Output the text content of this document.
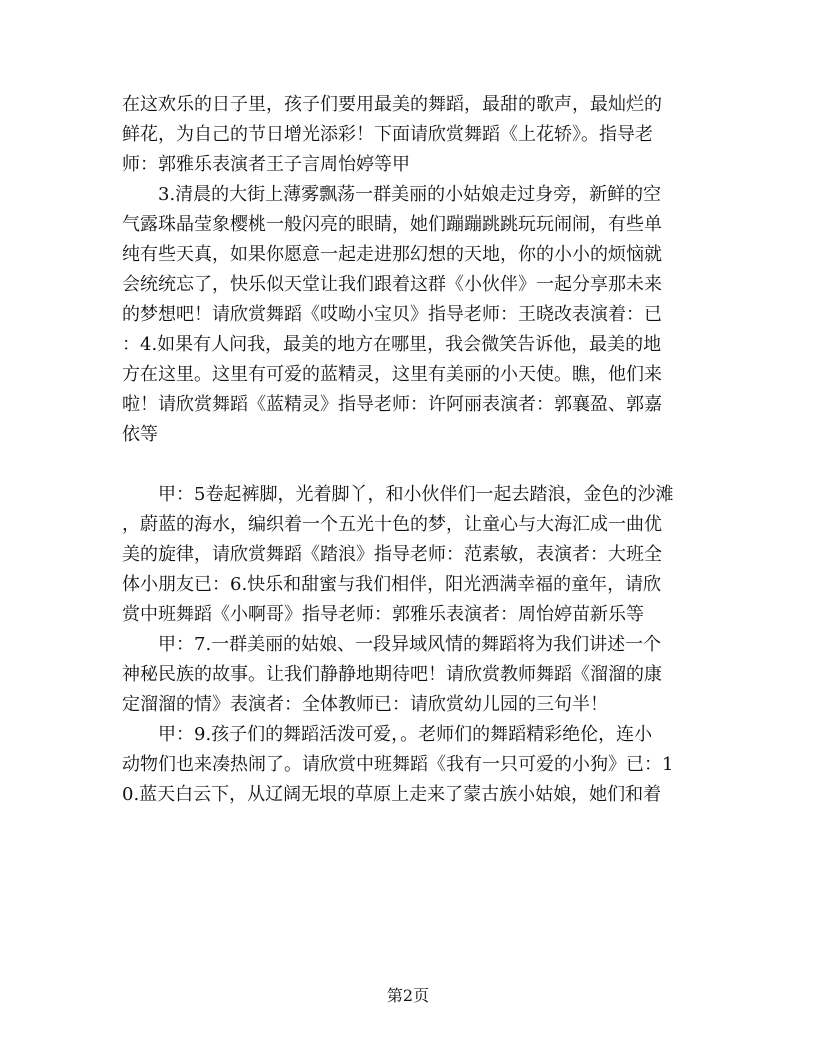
在这欢乐的日子里，孩子们要用最美的舞蹈，最甜的歌声，最灿烂的
鲜花，为自己的节日增光添彩！下面请欣赏舞蹈《上花轿》。指导老
师：郭雅乐表演者王子言周怡婷等甲
3.清晨的大街上薄雾飘荡一群美丽的小姑娘走过身旁，新鲜的空
气露珠晶莹象樱桃一般闪亮的眼睛，她们蹦蹦跳跳玩玩闹闹，有些单
纯有些天真，如果你愿意一起走进那幻想的天地，你的小小的烦恼就
会统统忘了，快乐似天堂让我们跟着这群《小伙伴》一起分享那未来
的梦想吧！请欣赏舞蹈《哎呦小宝贝》指导老师：王晓改表演着：已
：4.如果有人问我，最美的地方在哪里，我会微笑告诉他，最美的地
方在这里。这里有可爱的蓝精灵，这里有美丽的小天使。瞧，他们来
啦！请欣赏舞蹈《蓝精灵》指导老师：许阿丽表演者：郭襄盈、郭嘉
依等
甲：5卷起裤脚，光着脚丫，和小伙伴们一起去踏浪，金色的沙滩
，蔚蓝的海水，编织着一个五光十色的梦，让童心与大海汇成一曲优
美的旋律，请欣赏舞蹈《踏浪》指导老师：范素敏，表演者：大班全
体小朋友已：6.快乐和甜蜜与我们相伴，阳光洒满幸福的童年，请欣
赏中班舞蹈《小啊哥》指导老师：郭雅乐表演者：周怡婷苗新乐等
甲：7.一群美丽的姑娘、一段异域风情的舞蹈将为我们讲述一个
神秘民族的故事。让我们静静地期待吧！请欣赏教师舞蹈《溜溜的康
定溜溜的情》表演者：全体教师已：请欣赏幼儿园的三句半！
甲：9.孩子们的舞蹈活泼可爱，。老师们的舞蹈精彩绝伦，连小
动物们也来凑热闹了。请欣赏中班舞蹈《我有一只可爱的小狗》已：1
0.蓝天白云下，从辽阔无垠的草原上走来了蒙古族小姑娘，她们和着
第2页
